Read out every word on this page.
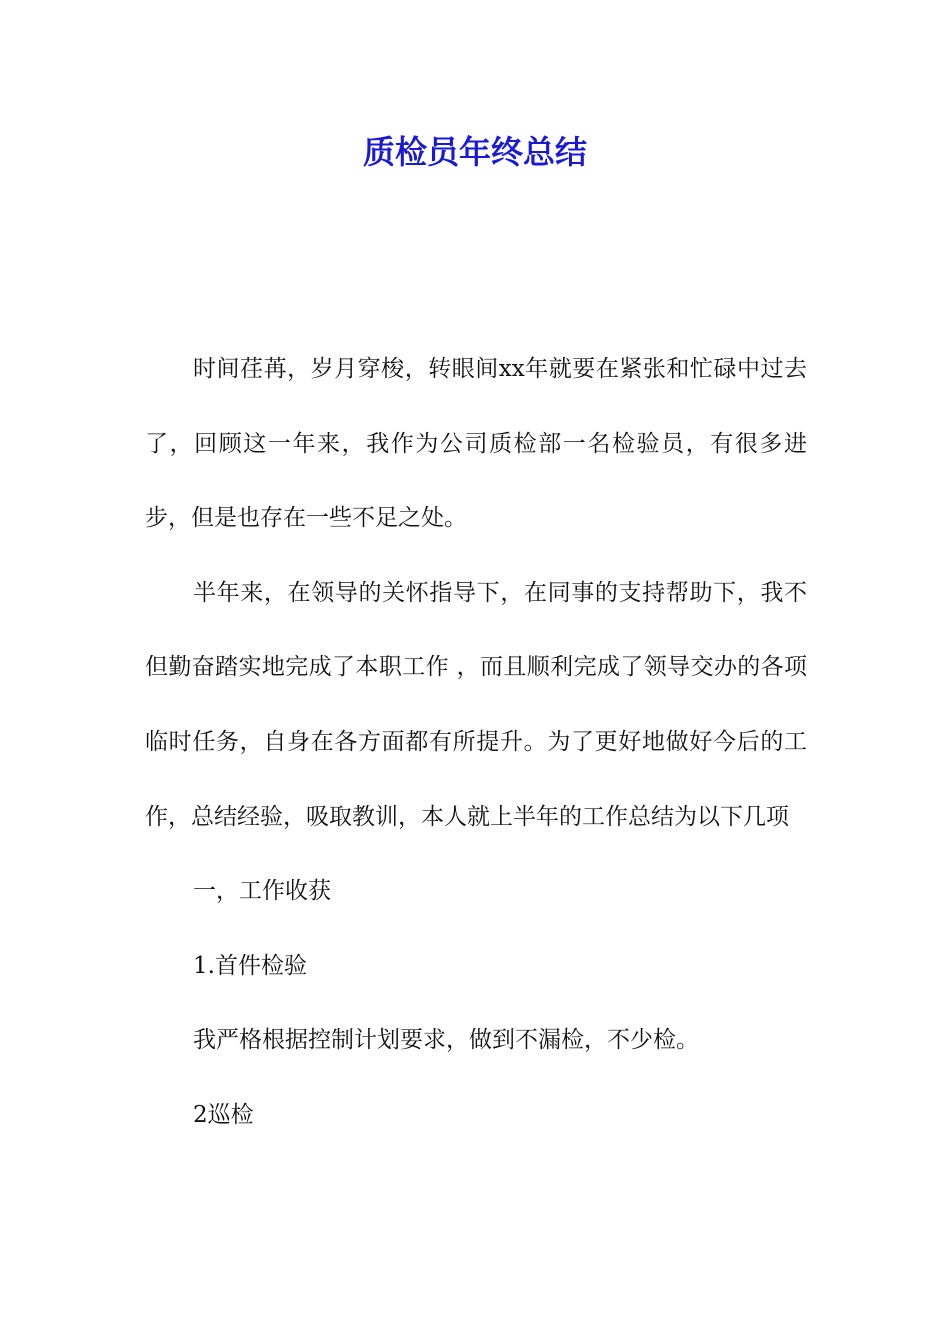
质检员年终总结

时间荏苒，岁月穿梭，转眼间xx年就要在紧张和忙碌中过去了，回顾这一年来，我作为公司质检部一名检验员，有很多进步，但是也存在一些不足之处。

半年来，在领导的关怀指导下，在同事的支持帮助下，我不但勤奋踏实地完成了本职工作 ，而且顺利完成了领导交办的各项临时任务，自身在各方面都有所提升。为了更好地做好今后的工作，总结经验，吸取教训，本人就上半年的工作总结为以下几项

一，工作收获

1.首件检验

我严格根据控制计划要求，做到不漏检，不少检。

2巡检
